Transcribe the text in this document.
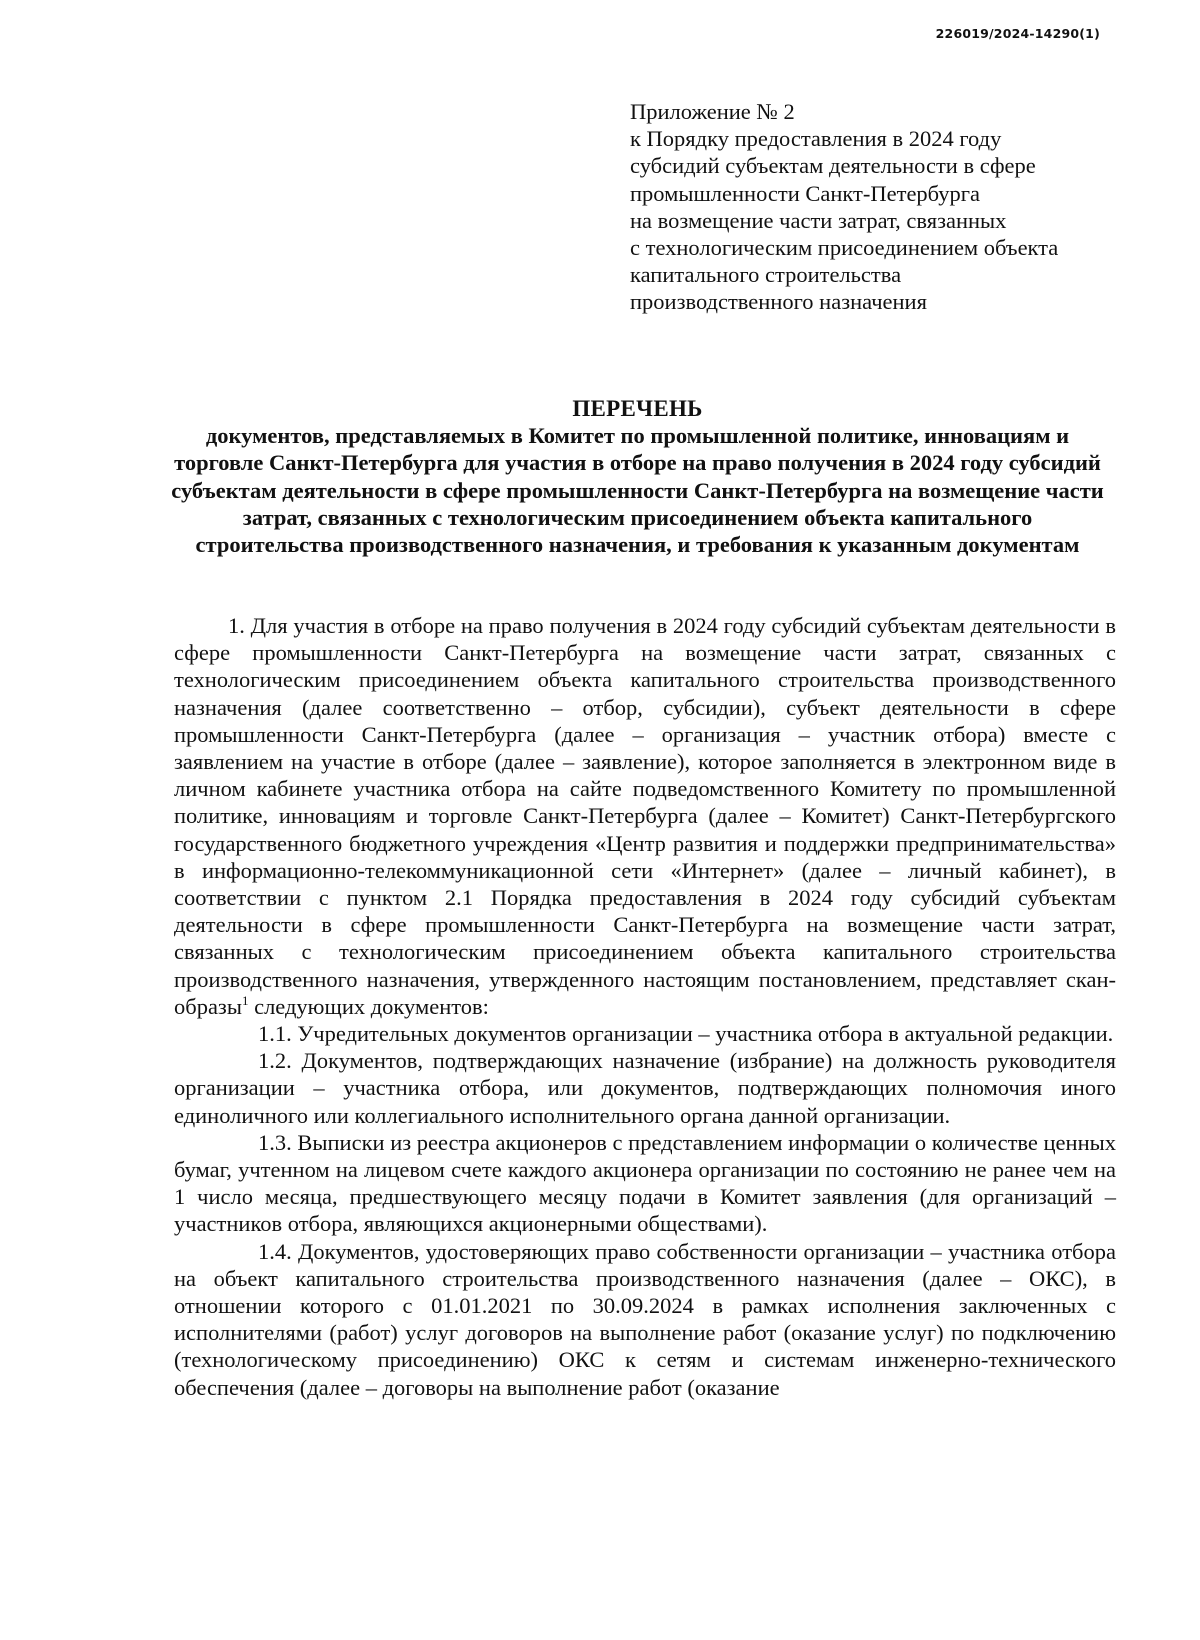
226019/2024-14290(1)
Приложение № 2
к Порядку предоставления в 2024 году
субсидий субъектам деятельности в сфере
промышленности Санкт-Петербурга
на возмещение части затрат, связанных
с технологическим присоединением объекта
капитального строительства
производственного назначения
ПЕРЕЧЕНЬ
документов, представляемых в Комитет по промышленной политике, инновациям и торговле Санкт-Петербурга для участия в отборе на право получения в 2024 году субсидий субъектам деятельности в сфере промышленности Санкт-Петербурга на возмещение части затрат, связанных с технологическим присоединением объекта капитального строительства производственного назначения, и требования к указанным документам

1. Для участия в отборе на право получения в 2024 году субсидий субъектам деятельности в сфере промышленности Санкт-Петербурга на возмещение части затрат, связанных с технологическим присоединением объекта капитального строительства производственного назначения (далее соответственно – отбор, субсидии), субъект деятельности в сфере промышленности Санкт-Петербурга (далее – организация – участник отбора) вместе с заявлением на участие в отборе (далее – заявление), которое заполняется в электронном виде в личном кабинете участника отбора на сайте подведомственного Комитету по промышленной политике, инновациям и торговле Санкт-Петербурга (далее – Комитет) Санкт-Петербургского государственного бюджетного учреждения «Центр развития и поддержки предпринимательства» в информационно-телекоммуникационной сети «Интернет» (далее – личный кабинет), в соответствии с пунктом 2.1 Порядка предоставления в 2024 году субсидий субъектам деятельности в сфере промышленности Санкт-Петербурга на возмещение части затрат, связанных с технологическим присоединением объекта капитального строительства производственного назначения, утвержденного настоящим постановлением, представляет скан-образы$^1$ следующих документов:

1.1. Учредительных документов организации – участника отбора в актуальной редакции.

1.2. Документов, подтверждающих назначение (избрание) на должность руководителя организации – участника отбора, или документов, подтверждающих полномочия иного единоличного или коллегиального исполнительного органа данной организации.

1.3. Выписки из реестра акционеров с представлением информации о количестве ценных бумаг, учтенном на лицевом счете каждого акционера организации по состоянию не ранее чем на 1 число месяца, предшествующего месяцу подачи в Комитет заявления (для организаций – участников отбора, являющихся акционерными обществами).

1.4. Документов, удостоверяющих право собственности организации – участника отбора на объект капитального строительства производственного назначения (далее – ОКС), в отношении которого с 01.01.2021 по 30.09.2024 в рамках исполнения заключенных с исполнителями (работ) услуг договоров на выполнение работ (оказание услуг) по подключению (технологическому присоединению) ОКС к сетям и системам инженерно-технического обеспечения (далее – договоры на выполнение работ (оказание
